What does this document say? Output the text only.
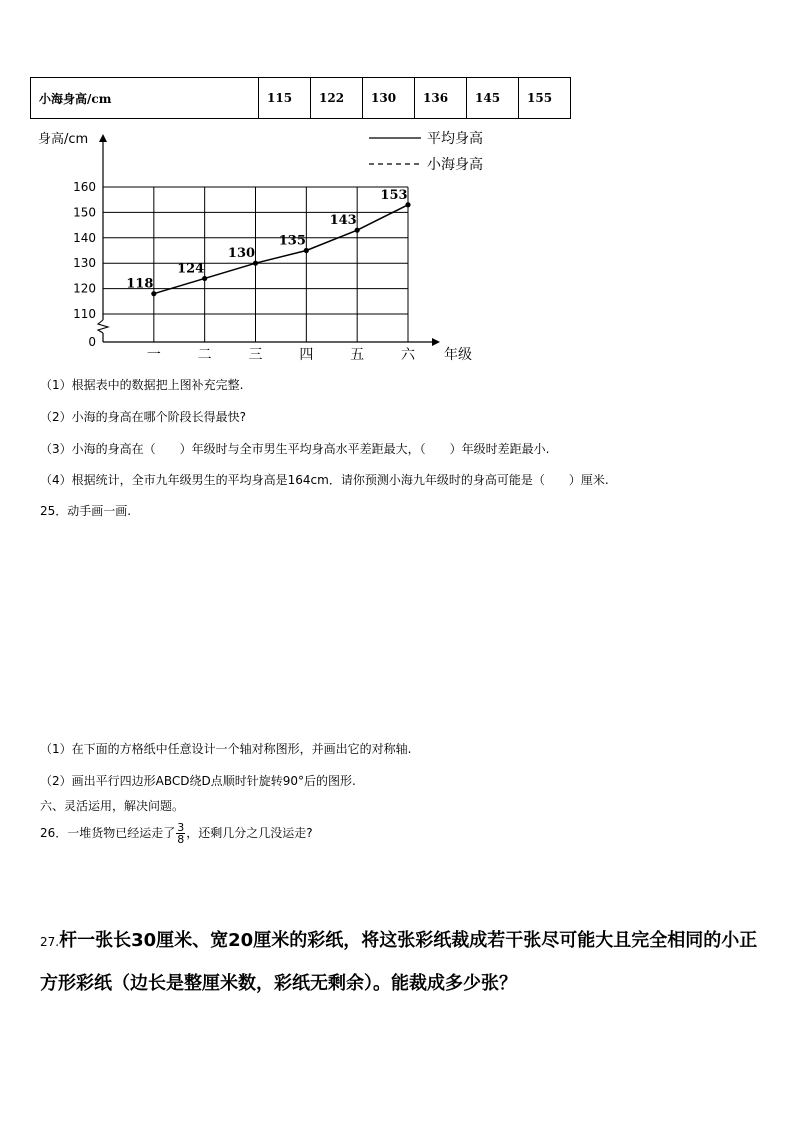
小海身高/cm	115	122	130	136	145	155
身高/cm
160
150
140
130
120
110
0
一	二	三	四	五	六
118
124
130
135
143
153
平均身高
小海身高
年级
（1）根据表中的数据把上图补充完整.
（2）小海的身高在哪个阶段长得最快?
（3）小海的身高在（　　）年级时与全市男生平均身高水平差距最大，（　　）年级时差距最小.
（4）根据统计，全市九年级男生的平均身高是164cm．请你预测小海九年级时的身高可能是（　　）厘米.
25．动手画一画.
（1）在下面的方格纸中任意设计一个轴对称图形，并画出它的对称轴.
（2）画出平行四边形ABCD绕D点顺时针旋转90°后的图形.
六、灵活运用，解决问题。
26．一堆货物已经运走了 $\frac{3}{8}$ ，还剩几分之几没运走?
27.杆一张长30厘米、宽20厘米的彩纸，将这张彩纸裁成若干张尽可能大且完全相同的小正方形彩纸（边长是整厘米数，彩纸无剩余）。能裁成多少张？
